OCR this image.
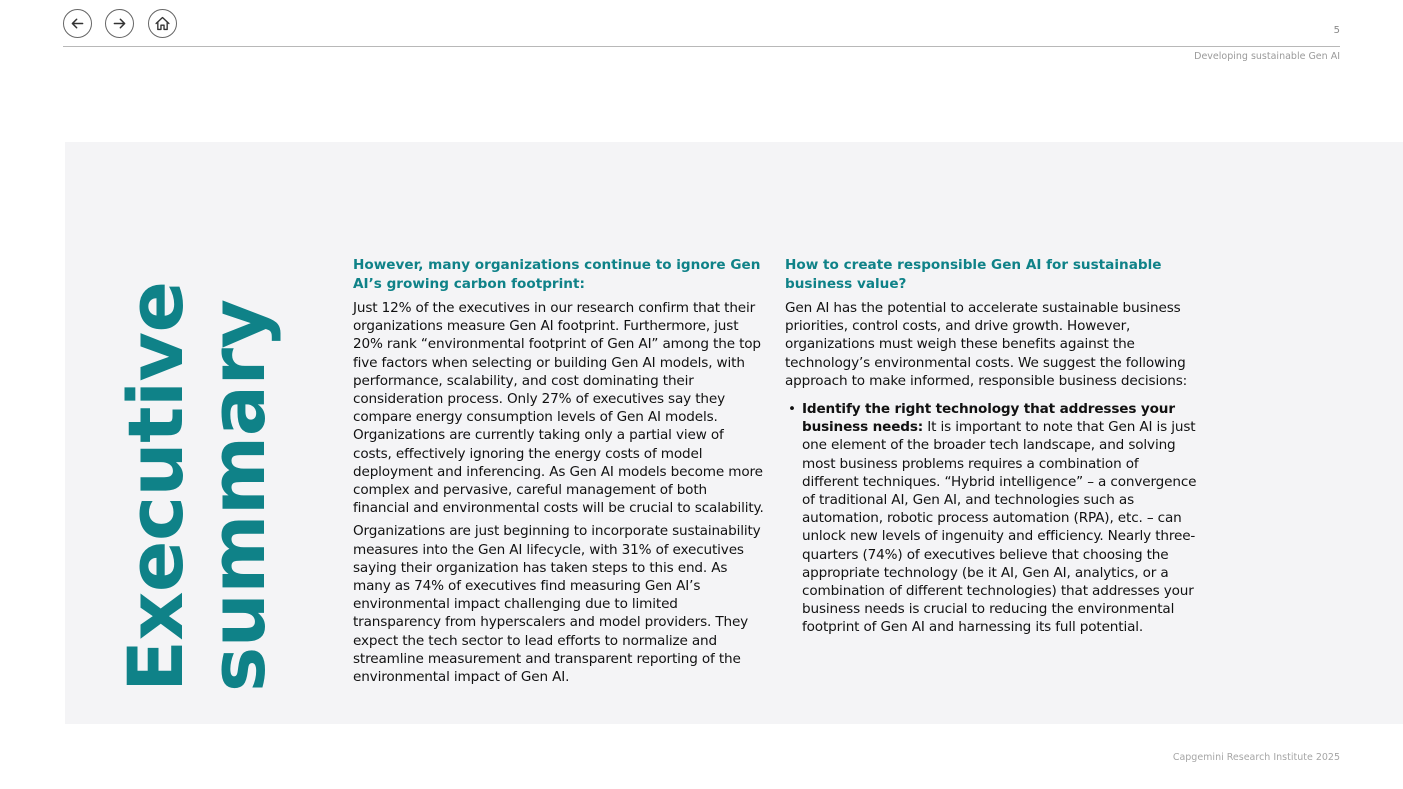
5
Developing sustainable Gen AI
Executive
summary
However, many organizations continue to ignore Gen AI’s growing carbon footprint:

Just 12% of the executives in our research confirm that their organizations measure Gen AI footprint. Furthermore, just 20% rank “environmental footprint of Gen AI” among the top five factors when selecting or building Gen AI models, with performance, scalability, and cost dominating their consideration process. Only 27% of executives say they compare energy consumption levels of Gen AI models. Organizations are currently taking only a partial view of costs, effectively ignoring the energy costs of model deployment and inferencing. As Gen AI models become more complex and pervasive, careful management of both financial and environmental costs will be crucial to scalability.

Organizations are just beginning to incorporate sustainability measures into the Gen AI lifecycle, with 31% of executives saying their organization has taken steps to this end. As many as 74% of executives find measuring Gen AI’s environmental impact challenging due to limited transparency from hyperscalers and model providers. They expect the tech sector to lead efforts to normalize and streamline measurement and transparent reporting of the environmental impact of Gen AI.

How to create responsible Gen AI for sustainable business value?

Gen AI has the potential to accelerate sustainable business priorities, control costs, and drive growth. However, organizations must weigh these benefits against the technology’s environmental costs. We suggest the following approach to make informed, responsible business decisions:

• Identify the right technology that addresses your business needs: It is important to note that Gen AI is just one element of the broader tech landscape, and solving most business problems requires a combination of different techniques. “Hybrid intelligence” – a convergence of traditional AI, Gen AI, and technologies such as automation, robotic process automation (RPA), etc. – can unlock new levels of ingenuity and efficiency. Nearly three-quarters (74%) of executives believe that choosing the appropriate technology (be it AI, Gen AI, analytics, or a combination of different technologies) that addresses your business needs is crucial to reducing the environmental footprint of Gen AI and harnessing its full potential.
Capgemini Research Institute 2025
